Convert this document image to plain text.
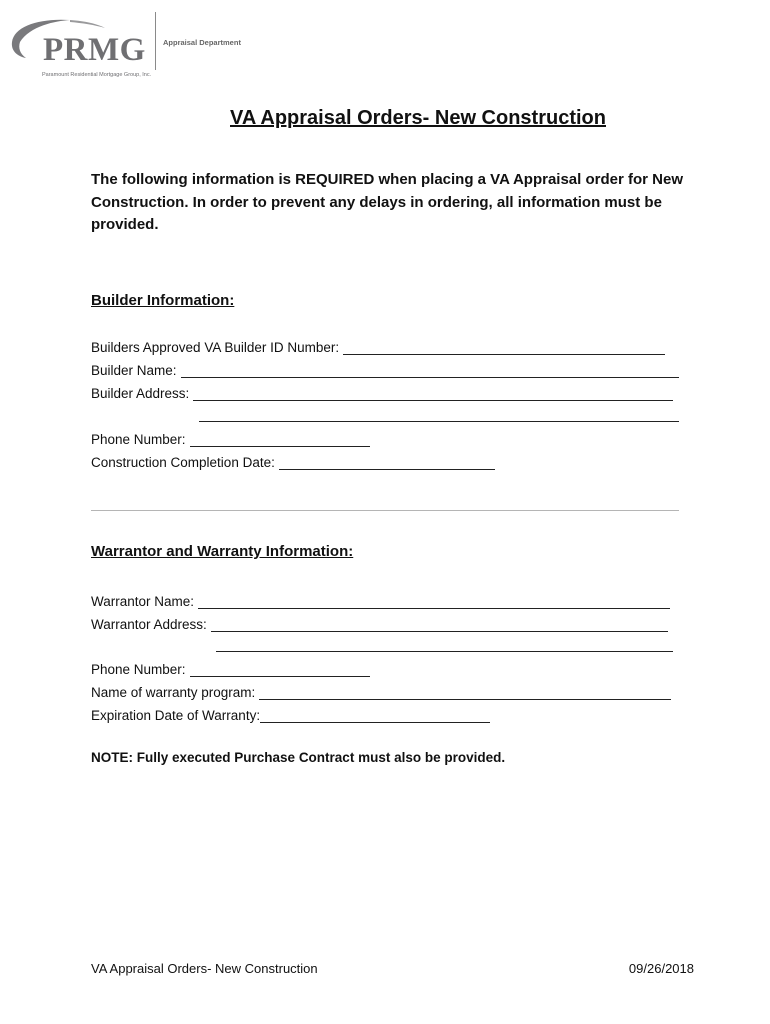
PRMG
Paramount Residential Mortgage Group, Inc.
Appraisal Department
VA Appraisal Orders- New Construction
The following information is REQUIRED when placing a VA Appraisal order for New Construction. In order to prevent any delays in ordering, all information must be provided.
Builder Information:
Builders Approved VA Builder ID Number:
Builder Name:
Builder Address:
Phone Number:
Construction Completion Date:
Warrantor and Warranty Information:
Warrantor Name:
Warrantor Address:
Phone Number:
Name of warranty program:
Expiration Date of Warranty:
NOTE: Fully executed Purchase Contract must also be provided.
VA Appraisal Orders- New Construction	09/26/2018
